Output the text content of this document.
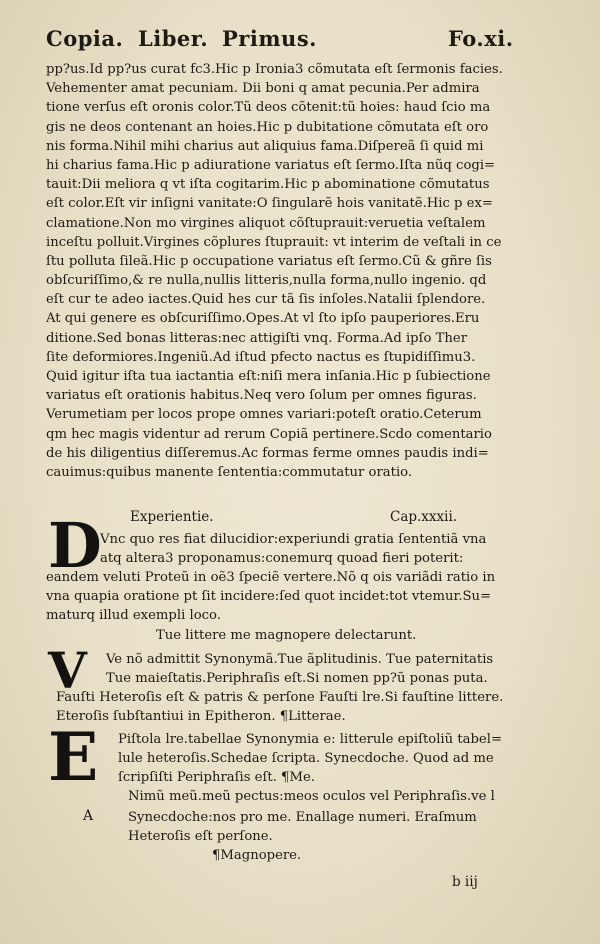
Copia. Liber. Primus.	Fo.xi.
pp?us.Id pp?us curat fc3.Hic p Ironia3 cõmutata eſt ſermonis facies.
Vehementer amat pecuniam. Dii boni q amat pecunia.Per admira
tione verſus eſt oronis color.Tũ deos cõtenit:tũ hoies: haud ſcio ma
gis ne deos contenant an hoies.Hic p dubitatione cõmutata eſt oro
nis forma.Nihil mihi charius aut aliquius fama.Diſpereã ſi quid mi
hi charius fama.Hic p adiuratione variatus eſt ſermo.Iſta nũq cogi=
tauit:Dii meliora q vt iſta cogitarim.Hic p abominatione cõmutatus
eſt color.Eſt vir inſigni vanitate:O ſingularẽ hois vanitatẽ.Hic p ex=
clamatione.Non mo virgines aliquot cõſtuprauit:veruetia veſtalem
inceſtu polluit.Virgines cõplures ſtuprauit: vt interim de veſtali in ce
ſtu polluta ſileã.Hic p occupatione variatus eſt ſermo.Cũ & gñre ſis
obſcuriſſimo,& re nulla,nullis litteris,nulla forma,nullo ingenio. qd
eſt cur te adeo iactes.Quid hes cur tã ſis inſoles.Natalii ſplendore.
At qui genere es obſcuriſſimo.Opes.At vl ſto ipſo pauperiores.Eru
ditione.Sed bonas litteras:nec attigiſti vnq. Forma.Ad ipſo Ther
ſite deformiores.Ingeniũ.Ad iſtud pfecto nactus es ſtupidiſſimu3.
Quid igitur iſta tua iactantia eſt:niſi mera inſania.Hic p ſubiectione
variatus eſt orationis habitus.Neq vero ſolum per omnes figuras.
Verumetiam per locos prope omnes variari:poteſt oratio.Ceterum
qm hec magis videntur ad rerum Copiã pertinere.Scdo comentario
de his diligentius diſſeremus.Ac formas ferme omnes paudis indi=
cauimus:quibus manente ſententia:commutatur oratio.
Experientie.	Cap.xxxii.
D
Vnc quo res fiat dilucidior:experiundi gratia ſententiã vna
atq altera3 proponamus:conemurq quoad fieri poterit:
eandem veluti Proteũ in oẽ3 ſpeciẽ vertere.Nõ q ois variãdi ratio in
vna quapia oratione pt ſit incidere:ſed quot incidet:tot vtemur.Su=
maturq illud exempli loco.
Tue littere me magnopere delectarunt.
V Ve nõ admittit Synonymã.Tue ãplitudinis. Tue paternitatis
Tue maieſtatis.Periphraſis eſt.Si nomen pp?ũ ponas puta.
Fauſti Heteroſis eſt & patris & perſone Fauſti lre.Si fauſtine littere.
Eteroſis ſubſtantiui in Epitheron. ¶Litterae.
E Piſtola lre.tabellae Synonymia e: litterule epiſtoliũ tabel=
lule heteroſis.Schedae ſcripta. Synecdoche. Quod ad me
ſcripſiſti Periphraſis eſt. ¶Me.
Nimũ meũ.meũ pectus:meos oculos vel Periphraſis.ve l
A	Synecdoche:nos pro me. Enallage numeri. Eraſmum
Heteroſis eſt perſone.
¶Magnopere.
b iij
